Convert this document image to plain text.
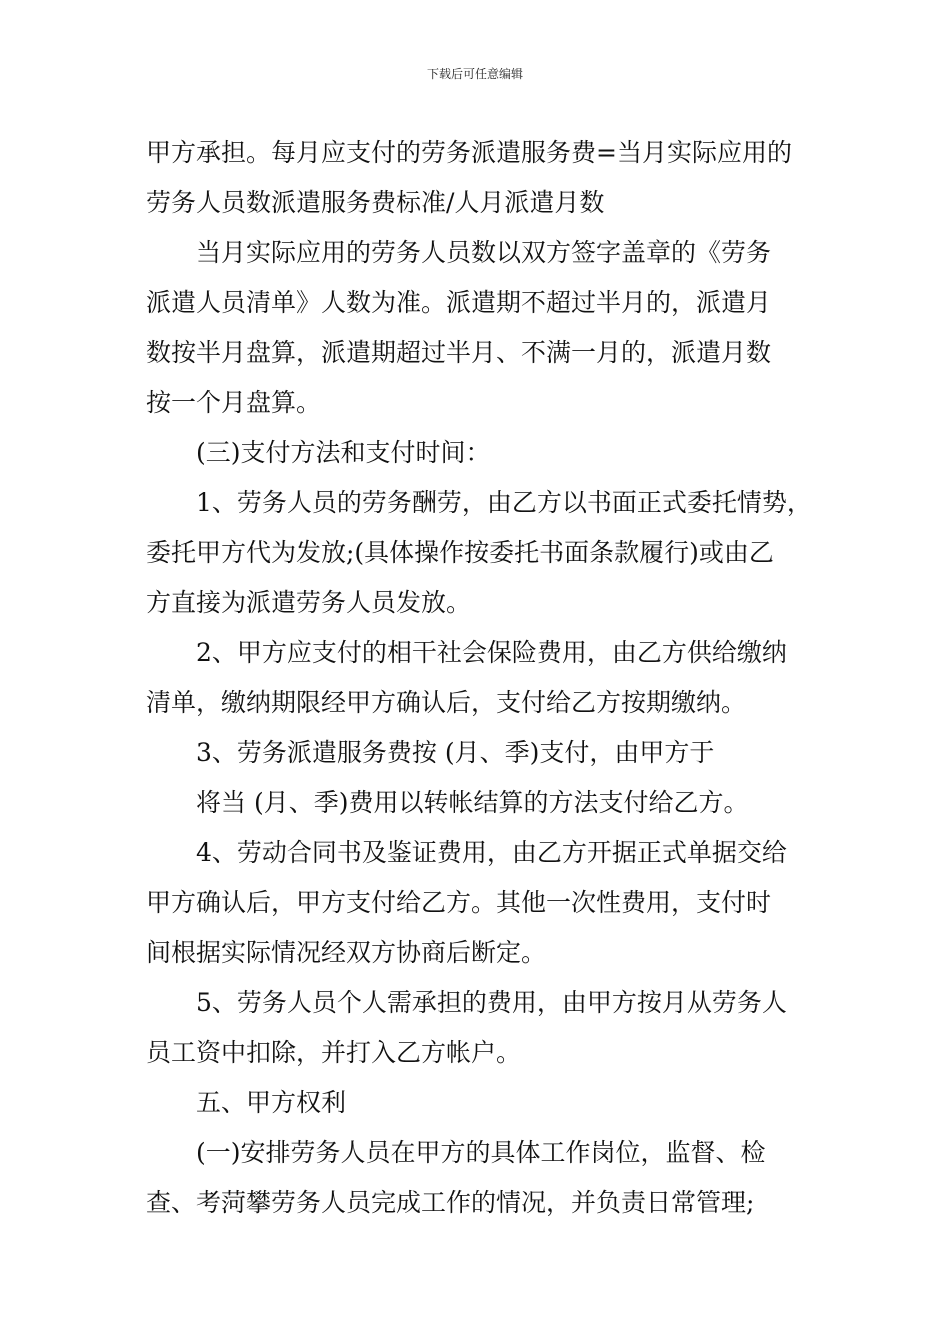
下载后可任意编辑
甲方承担。每月应支付的劳务派遣服务费=当月实际应用的
劳务人员数派遣服务费标准/人月派遣月数
当月实际应用的劳务人员数以双方签字盖章的《劳务
派遣人员清单》人数为准。派遣期不超过半月的，派遣月
数按半月盘算，派遣期超过半月、不满一月的，派遣月数
按一个月盘算。
(三)支付方法和支付时间：
1、劳务人员的劳务酬劳，由乙方以书面正式委托情势，
委托甲方代为发放;(具体操作按委托书面条款履行)或由乙
方直接为派遣劳务人员发放。
2、甲方应支付的相干社会保险费用，由乙方供给缴纳
清单，缴纳期限经甲方确认后，支付给乙方按期缴纳。
3、劳务派遣服务费按 (月、季)支付，由甲方于
将当 (月、季)费用以转帐结算的方法支付给乙方。
4、劳动合同书及鉴证费用，由乙方开据正式单据交给
甲方确认后，甲方支付给乙方。其他一次性费用，支付时
间根据实际情况经双方协商后断定。
5、劳务人员个人需承担的费用，由甲方按月从劳务人
员工资中扣除，并打入乙方帐户。
五、甲方权利
(一)安排劳务人员在甲方的具体工作岗位，监督、检
查、考菏攀劳务人员完成工作的情况，并负责日常管理;
